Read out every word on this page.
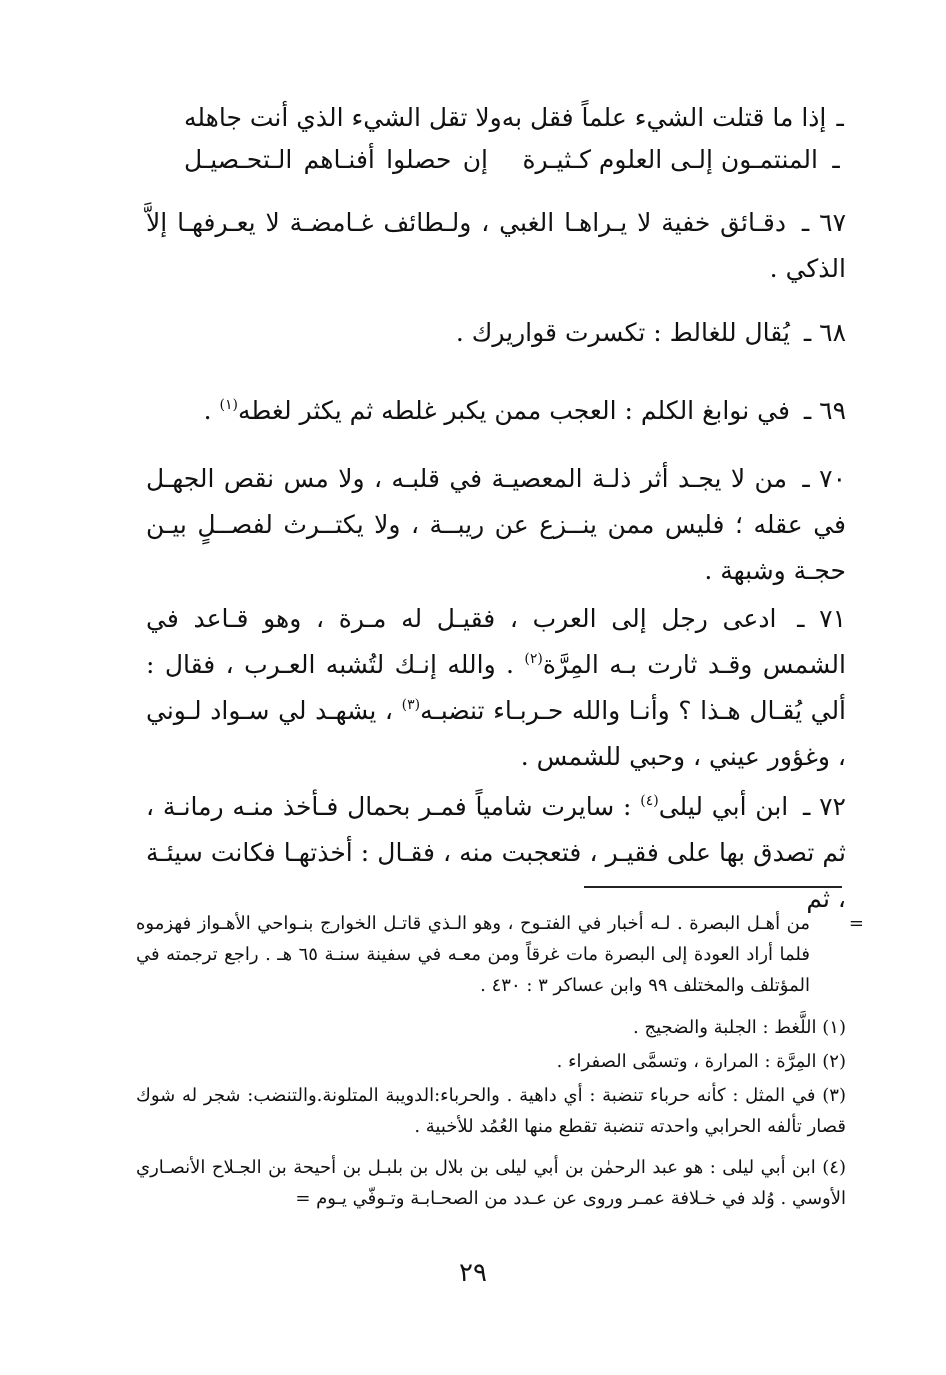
ـ
إذا ما قتلت الشيء علماً فقل به
ولا تقل الشيء الذي أنت جاهله
ـ
المنتمـون إلـى العلوم كـثيـرة
إن حصلوا أفنـاهم الـتحـصيـل
٦٧ ـ دقـائق خفية لا يـراهـا الغبي ، ولـطائف غـامضـة لا يعـرفهـا إلاَّ الذكي .
٦٨ ـ يُقال للغالط : تكسرت قواريرك .
٦٩ ـ في نوابغ الكلم : العجب ممن يكبر غلطه ثم يكثر لغطه$^{(١)}$ .
٧٠ ـ من لا يجـد أثر ذلـة المعصيـة في قلبـه ، ولا مس نقص الجهـل في عقله ؛ فليس ممن ينــزع عن ريبــة ، ولا يكتــرث لفصــلٍ بيـن حجـة وشبهة .
٧١ ـ ادعى رجل إلى العرب ، فقيـل له مـرة ، وهو قـاعد في الشمس وقـد ثارت بـه المِرَّة$^{(٢)}$ . والله إنـك لتُشبه العـرب ، فقال : ألي يُقـال هـذا ؟ وأنـا والله حـربـاء تنضبـه$^{(٣)}$ ، يشهـد لي سـواد لـوني ، وغؤور عيني ، وحبي للشمس .
٧٢ ـ ابن أبي ليلى$^{(٤)}$ : سايرت شامياً فمـر بحمال فـأخذ منـه رمانـة ، ثم تصدق بها على فقيـر ، فتعجبت منه ، فقـال : أخذتهـا فكانت سيئـة ، ثم
=
من أهـل البصرة . لـه أخبار في الفتـوح ، وهو الـذي قاتـل الخوارج بنـواحي الأهـواز فهزموه فلما أراد العودة إلى البصرة مات غرقاً ومن معـه في سفينة سنـة ٦٥ هـ . راجع ترجمته في المؤتلف والمختلف ٩٩ وابن عساكر ٣ : ٤٣٠ .
(١) اللَّغط : الجلبة والضجيج .
(٢) المِرَّة : المرارة ، وتسمَّى الصفراء .
(٣) في المثل : كأنه حرباء تنضبة : أي داهية . والحرباء:الدويبة المتلونة.والتنضب: شجر له شوك قصار تألفه الحرابي واحدته تنضبة تقطع منها العُمُد للأخبية .
(٤) ابن أبي ليلى : هو عبد الرحمٰن بن أبي ليلى بن بلال بن بلبـل بن أحيحة بن الجـلاح الأنصـاري الأوسي . وُلد في خـلافة عمـر وروى عن عـدد من الصحـابـة وتـوفّي يـوم =
٢٩
